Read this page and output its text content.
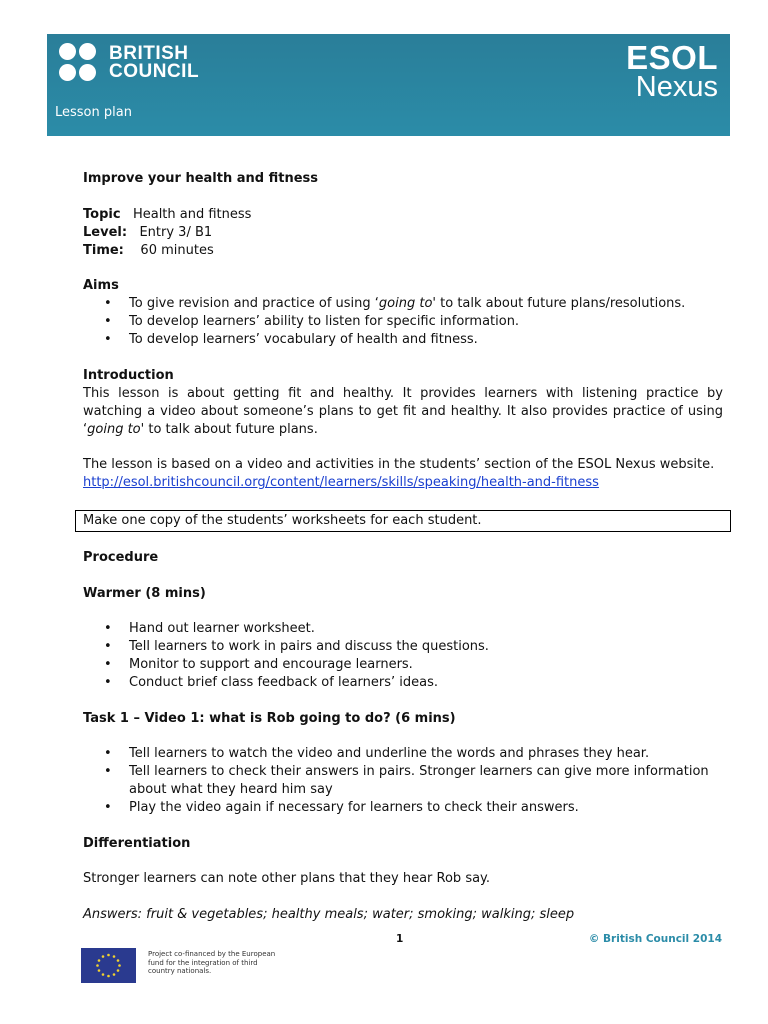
BRITISH
COUNCIL
Lesson plan
ESOL
Nexus
Improve your health and fitness
Topic Health and fitness
Level: Entry 3/ B1
Time: 60 minutes
Aims
• To give revision and practice of using ‘going to' to talk about future plans/resolutions.
• To develop learners’ ability to listen for specific information.
• To develop learners’ vocabulary of health and fitness.
Introduction
This lesson is about getting fit and healthy. It provides learners with listening practice by watching a video about someone’s plans to get fit and healthy. It also provides practice of using ‘going to' to talk about future plans.
The lesson is based on a video and activities in the students’ section of the ESOL Nexus website.
http://esol.britishcouncil.org/content/learners/skills/speaking/health-and-fitness
Make one copy of the students’ worksheets for each student.
Procedure
Warmer (8 mins)
• Hand out learner worksheet.
• Tell learners to work in pairs and discuss the questions.
• Monitor to support and encourage learners.
• Conduct brief class feedback of learners’ ideas.
Task 1 – Video 1: what is Rob going to do? (6 mins)
• Tell learners to watch the video and underline the words and phrases they hear.
• Tell learners to check their answers in pairs. Stronger learners can give more information about what they heard him say
• Play the video again if necessary for learners to check their answers.
Differentiation
Stronger learners can note other plans that they hear Rob say.
Answers: fruit & vegetables; healthy meals; water; smoking; walking; sleep
1	© British Council 2014
Project co-financed by the European fund for the integration of third country nationals.
